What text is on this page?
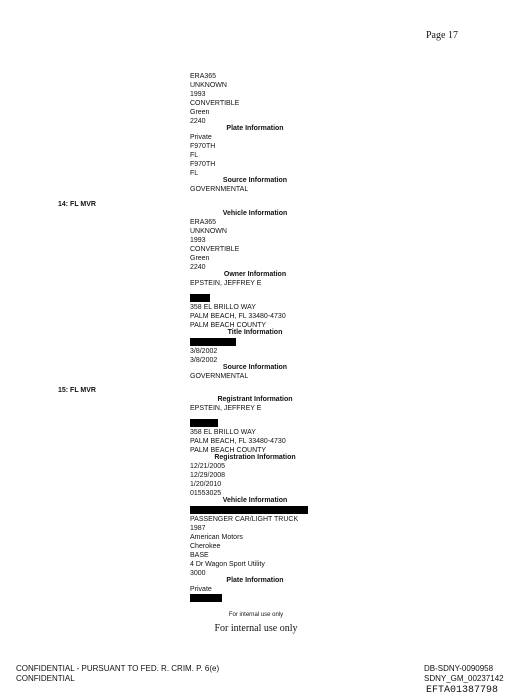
Page 17
ERA365
UNKNOWN
1993
CONVERTIBLE
Green
2240
Plate Information
Private
F970TH
FL
F970TH
FL
Source Information
GOVERNMENTAL
14: FL MVR
Vehicle Information
ERA365
UNKNOWN
1993
CONVERTIBLE
Green
2240
Owner Information
EPSTEIN, JEFFREY E
358 EL BRILLO WAY
PALM BEACH, FL 33480-4730
PALM BEACH COUNTY
Title Information
3/8/2002
3/8/2002
Source Information
GOVERNMENTAL
15: FL MVR
Registrant Information
EPSTEIN, JEFFREY E
358 EL BRILLO WAY
PALM BEACH, FL 33480-4730
PALM BEACH COUNTY
Registration Information
12/21/2005
12/29/2008
1/20/2010
01553025
Vehicle Information
PASSENGER CAR/LIGHT TRUCK
1987
American Motors
Cherokee
BASE
4 Dr Wagon Sport Utility
3000
Plate Information
Private
For internal use only
For internal use only
CONFIDENTIAL - PURSUANT TO FED. R. CRIM. P. 6(e)
CONFIDENTIAL
DB-SDNY-0090958
SDNY_GM_00237142
EFTA01387798
